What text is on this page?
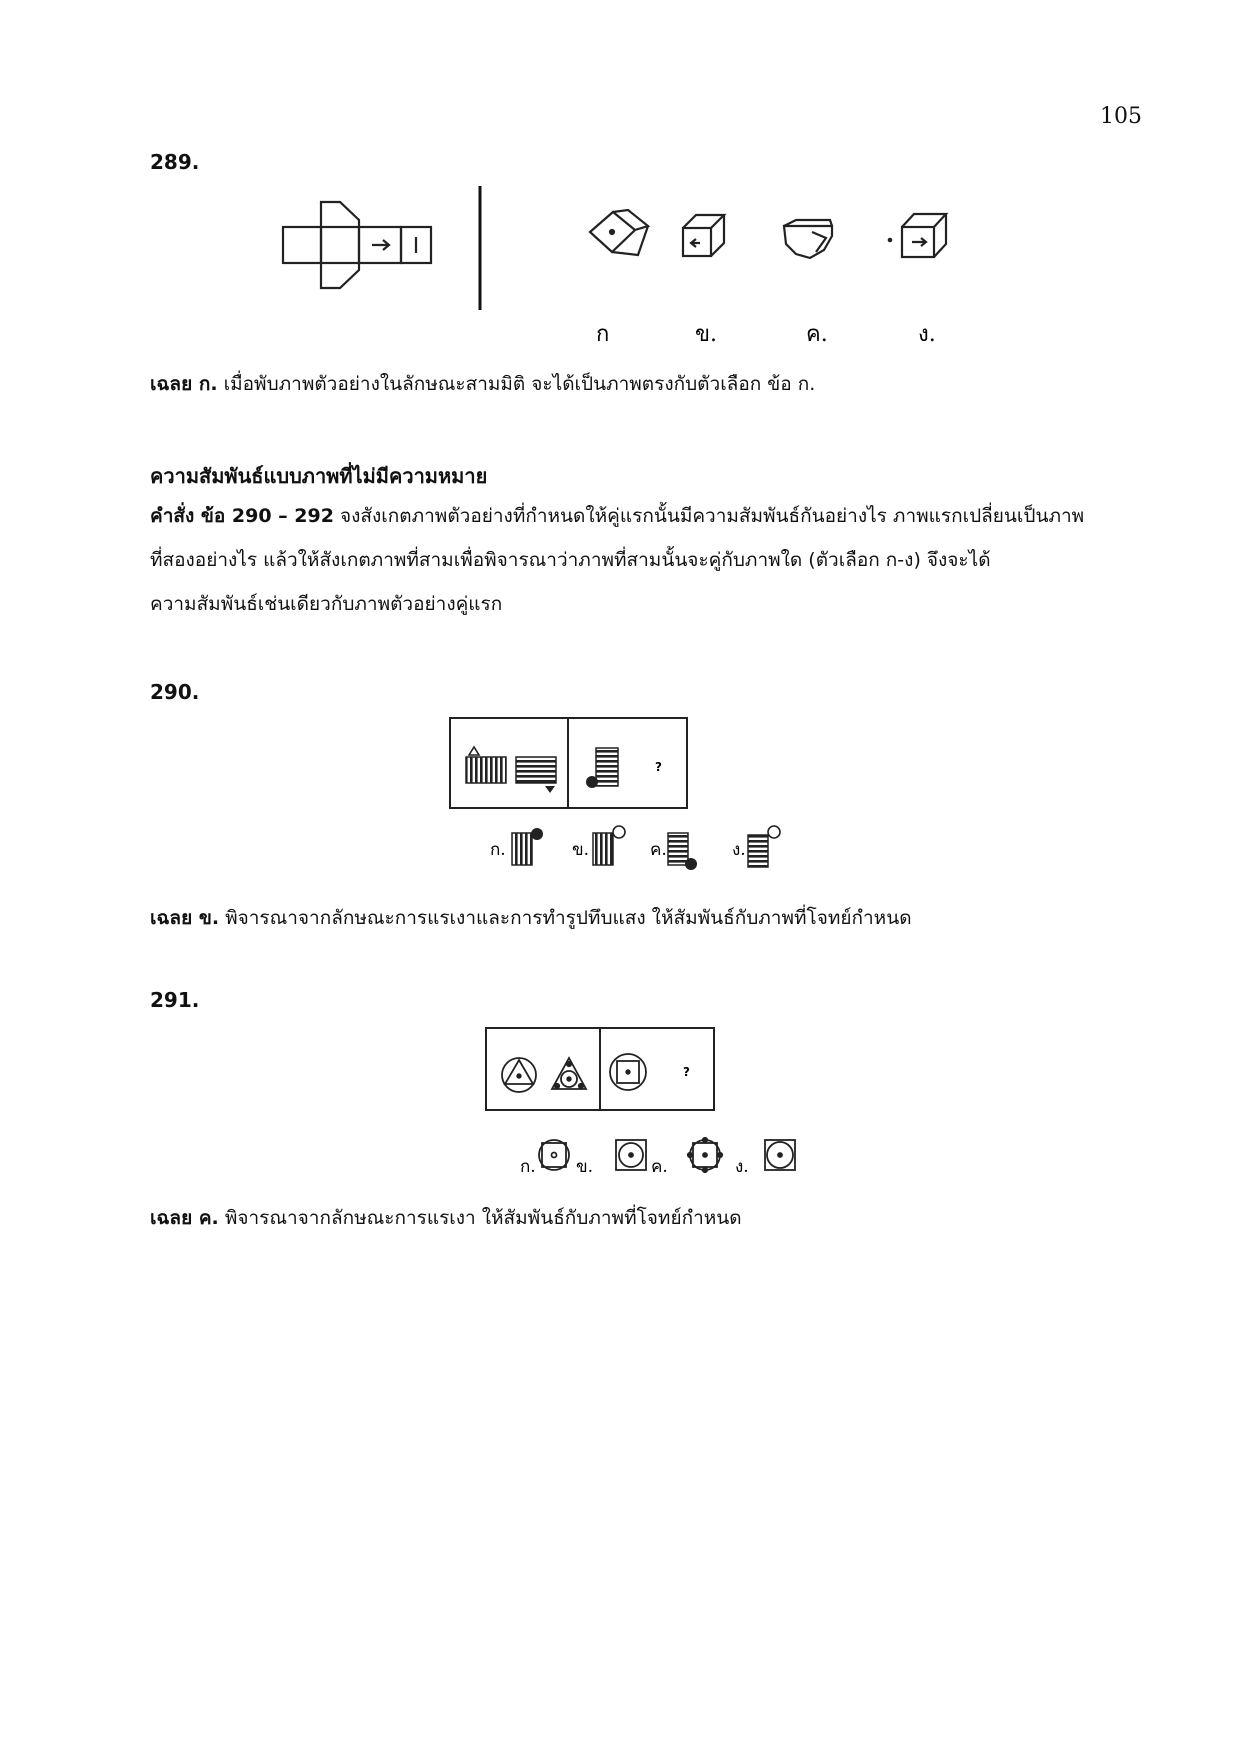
105
289.
ก	ข.	ค.	ง.
เฉลย ก. เมื่อพับภาพตัวอย่างในลักษณะสามมิติ จะได้เป็นภาพตรงกับตัวเลือก ข้อ ก.
ความสัมพันธ์แบบภาพที่ไม่มีความหมาย
คำสั่ง ข้อ 290 – 292 จงสังเกตภาพตัวอย่างที่กำหนดให้คู่แรกนั้นมีความสัมพันธ์กันอย่างไร ภาพแรกเปลี่ยนเป็นภาพ
ที่สองอย่างไร แล้วให้สังเกตภาพที่สามเพื่อพิจารณาว่าภาพที่สามนั้นจะคู่กับภาพใด (ตัวเลือก ก-ง) จึงจะได้
ความสัมพันธ์เช่นเดียวกับภาพตัวอย่างคู่แรก
290.
?
ก.	ข.	ค.	ง.
เฉลย ข. พิจารณาจากลักษณะการแรเงาและการทำรูปทึบแสง ให้สัมพันธ์กับภาพที่โจทย์กำหนด
291.
?
ก. ข.	ค.	ง.
เฉลย ค. พิจารณาจากลักษณะการแรเงา ให้สัมพันธ์กับภาพที่โจทย์กำหนด
